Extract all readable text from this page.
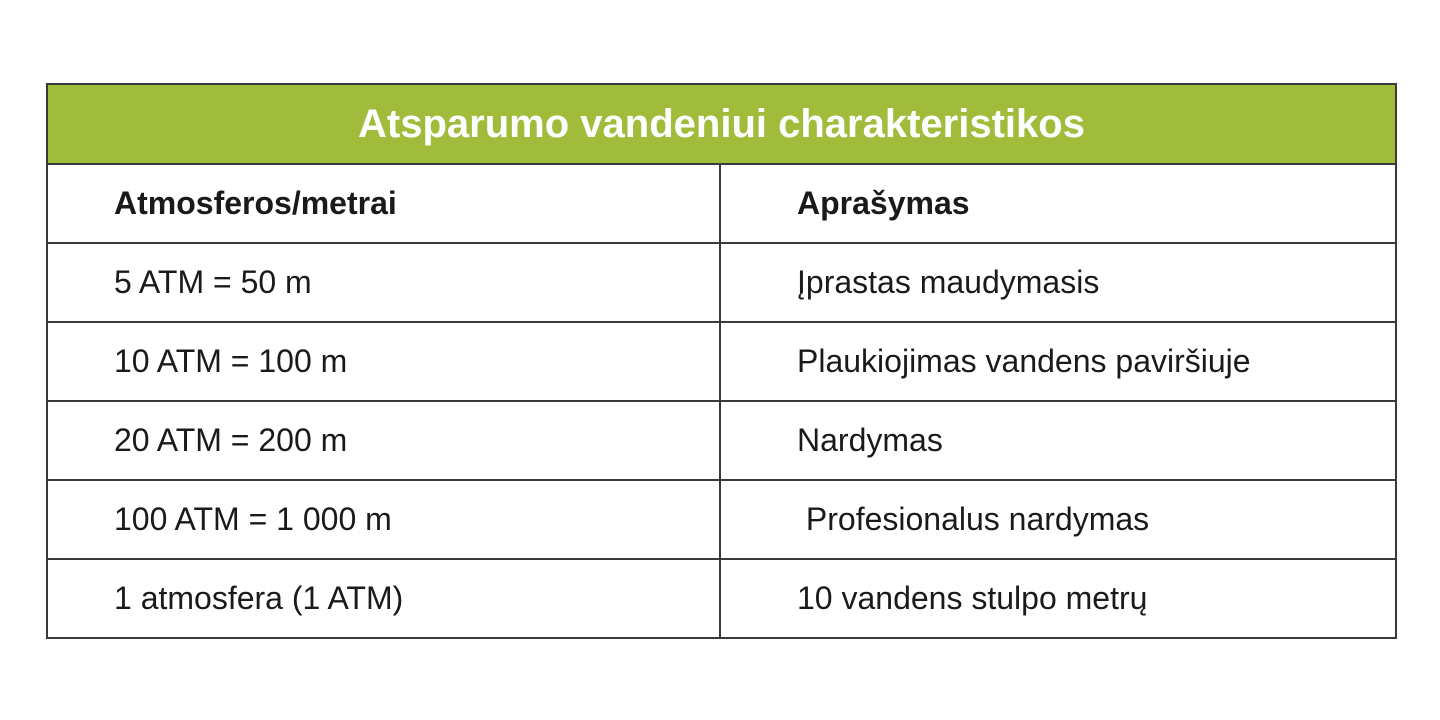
Atsparumo vandeniui charakteristikos	
Atmosferos/metrai	Aprašymas
5 ATM = 50 m	Įprastas maudymasis
10 ATM = 100 m	Plaukiojimas vandens paviršiuje
20 ATM = 200 m	Nardymas
100 ATM = 1 000 m	Profesionalus nardymas
1 atmosfera (1 ATM)	10 vandens stulpo metrų
